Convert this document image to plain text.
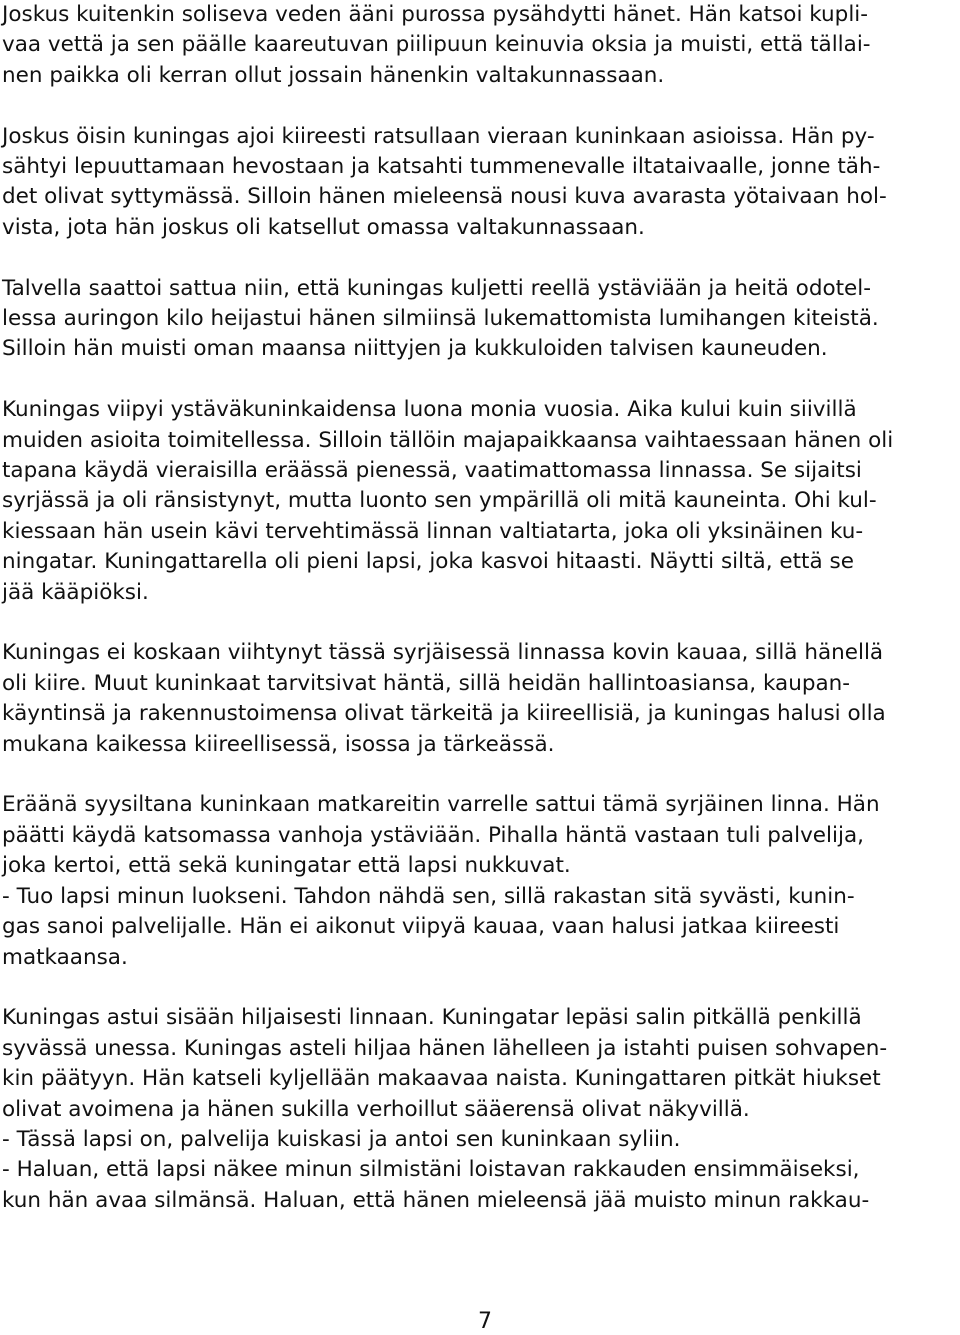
Joskus kuitenkin soliseva veden ääni purossa pysähdytti hänet. Hän katsoi kupli-
vaa vettä ja sen päälle kaareutuvan piilipuun keinuvia oksia ja muisti, että tällai-
nen paikka oli kerran ollut jossain hänenkin valtakunnassaan.

Joskus öisin kuningas ajoi kiireesti ratsullaan vieraan kuninkaan asioissa. Hän py-
sähtyi lepuuttamaan hevostaan ja katsahti tummenevalle iltataivaalle, jonne täh-
det olivat syttymässä. Silloin hänen mieleensä nousi kuva avarasta yötaivaan hol-
vista, jota hän joskus oli katsellut omassa valtakunnassaan.

Talvella saattoi sattua niin, että kuningas kuljetti reellä ystäviään ja heitä odotel-
lessa auringon kilo heijastui hänen silmiinsä lukemattomista lumihangen kiteistä.
Silloin hän muisti oman maansa niittyjen ja kukkuloiden talvisen kauneuden.

Kuningas viipyi ystäväkuninkaidensa luona monia vuosia. Aika kului kuin siivillä
muiden asioita toimitellessa. Silloin tällöin majapaikkaansa vaihtaessaan hänen oli
tapana käydä vieraisilla eräässä pienessä, vaatimattomassa linnassa. Se sijaitsi
syrjässä ja oli ränsistynyt, mutta luonto sen ympärillä oli mitä kauneinta. Ohi kul-
kiessaan hän usein kävi tervehtimässä linnan valtiatarta, joka oli yksinäinen ku-
ningatar. Kuningattarella oli pieni lapsi, joka kasvoi hitaasti. Näytti siltä, että se
jää kääpiöksi.

Kuningas ei koskaan viihtynyt tässä syrjäisessä linnassa kovin kauaa, sillä hänellä
oli kiire. Muut kuninkaat tarvitsivat häntä, sillä heidän hallintoasiansa, kaupan-
käyntinsä ja rakennustoimensa olivat tärkeitä ja kiireellisiä, ja kuningas halusi olla
mukana kaikessa kiireellisessä, isossa ja tärkeässä.

Eräänä syysiltana kuninkaan matkareitin varrelle sattui tämä syrjäinen linna. Hän
päätti käydä katsomassa vanhoja ystäviään. Pihalla häntä vastaan tuli palvelija,
joka kertoi, että sekä kuningatar että lapsi nukkuvat.
- Tuo lapsi minun luokseni. Tahdon nähdä sen, sillä rakastan sitä syvästi, kunin-
gas sanoi palvelijalle. Hän ei aikonut viipyä kauaa, vaan halusi jatkaa kiireesti
matkaansa.

Kuningas astui sisään hiljaisesti linnaan. Kuningatar lepäsi salin pitkällä penkillä
syvässä unessa. Kuningas asteli hiljaa hänen lähelleen ja istahti puisen sohvapen-
kin päätyyn. Hän katseli kyljellään makaavaa naista. Kuningattaren pitkät hiukset
olivat avoimena ja hänen sukilla verhoillut sääerensä olivat näkyvillä.
- Tässä lapsi on, palvelija kuiskasi ja antoi sen kuninkaan syliin.
- Haluan, että lapsi näkee minun silmistäni loistavan rakkauden ensimmäiseksi,
kun hän avaa silmänsä. Haluan, että hänen mieleensä jää muisto minun rakkau-

7
